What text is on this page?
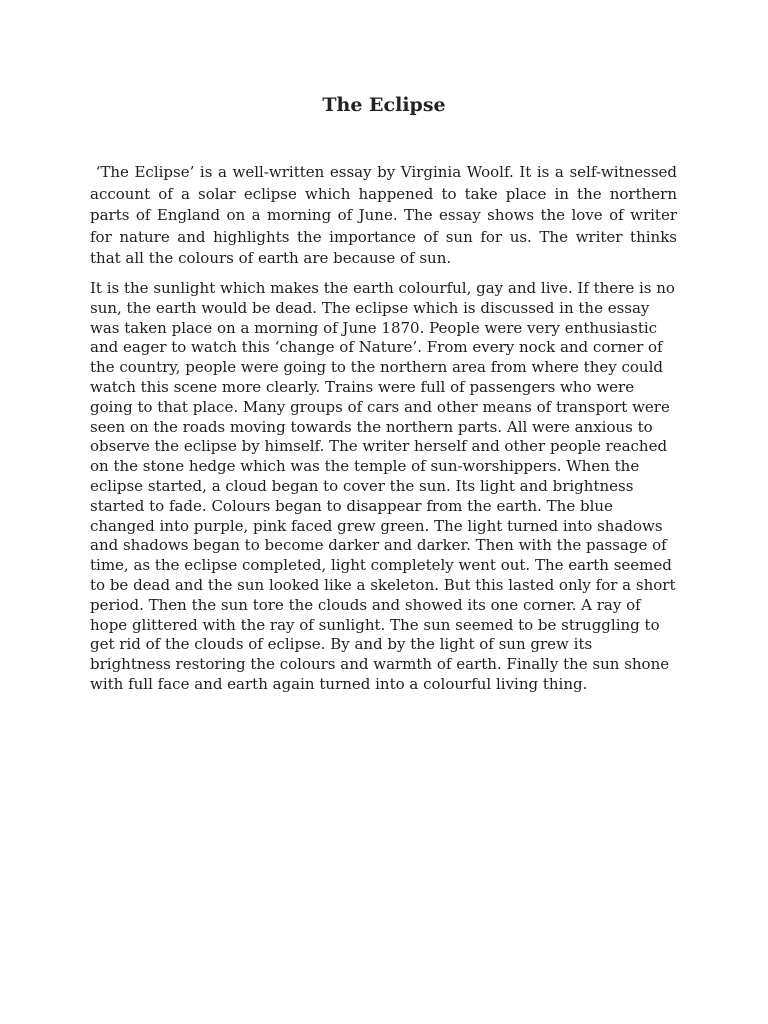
The Eclipse

‘The Eclipse’ is a well-written essay by Virginia Woolf. It is a self-witnessed account of a solar eclipse which happened to take place in the northern parts of England on a morning of June. The essay shows the love of writer for nature and highlights the importance of sun for us. The writer thinks that all the colours of earth are because of sun.

It is the sunlight which makes the earth colourful, gay and live. If there is no sun, the earth would be dead. The eclipse which is discussed in the essay was taken place on a morning of June 1870. People were very enthusiastic and eager to watch this ‘change of Nature’. From every nock and corner of the country, people were going to the northern area from where they could watch this scene more clearly. Trains were full of passengers who were going to that place. Many groups of cars and other means of transport were seen on the roads moving towards the northern parts. All were anxious to observe the eclipse by himself. The writer herself and other people reached on the stone hedge which was the temple of sun-worshippers. When the eclipse started, a cloud began to cover the sun. Its light and brightness started to fade. Colours began to disappear from the earth. The blue changed into purple, pink faced grew green. The light turned into shadows and shadows began to become darker and darker. Then with the passage of time, as the eclipse completed, light completely went out. The earth seemed to be dead and the sun looked like a skeleton. But this lasted only for a short period. Then the sun tore the clouds and showed its one corner. A ray of hope glittered with the ray of sunlight. The sun seemed to be struggling to get rid of the clouds of eclipse. By and by the light of sun grew its brightness restoring the colours and warmth of earth. Finally the sun shone with full face and earth again turned into a colourful living thing.
